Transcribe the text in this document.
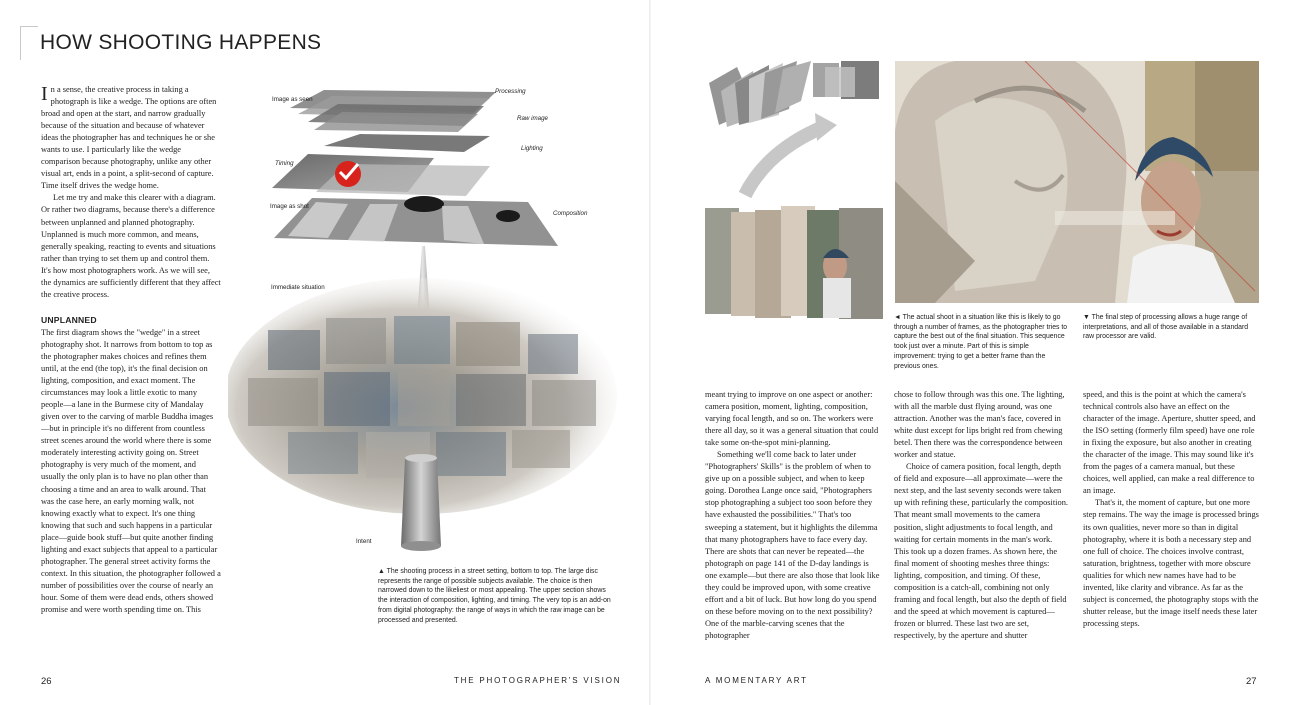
HOW SHOOTING HAPPENS

In a sense, the creative process in taking a photograph is like a wedge. The options are often broad and open at the start, and narrow gradually because of the situation and because of whatever ideas the photographer has and techniques he or she wants to use. I particularly like the wedge comparison because photography, unlike any other visual art, ends in a point, a split-second of capture. Time itself drives the wedge home.

Let me try and make this clearer with a diagram. Or rather two diagrams, because there's a difference between unplanned and planned photography. Unplanned is much more common, and means, generally speaking, reacting to events and situations rather than trying to set them up and control them. It's how most photographers work. As we will see, the dynamics are sufficiently different that they affect the creative process.

UNPLANNED

The first diagram shows the "wedge" in a street photography shot. It narrows from bottom to top as the photographer makes choices and refines them until, at the end (the top), it's the final decision on lighting, composition, and exact moment. The circumstances may look a little exotic to many people—a lane in the Burmese city of Mandalay given over to the carving of marble Buddha images—but in principle it's no different from countless street scenes around the world where there is some moderately interesting activity going on. Street photography is very much of the moment, and usually the only plan is to have no plan other than choosing a time and an area to walk around. That was the case here, an early morning walk, not knowing exactly what to expect. It's one thing knowing that such and such happens in a particular place—guide book stuff—but quite another finding lighting and exact subjects that appeal to a particular photographer. The general street activity forms the context. In this situation, the photographer followed a number of possibilities over the course of nearly an hour. Some of them were dead ends, others showed promise and were worth spending time on. This

Image as seen
Processing
Raw image
Lighting
Timing
Image as shot
Composition
Immediate situation
Intent
▲ The shooting process in a street setting, bottom to top. The large disc represents the range of possible subjects available. The choice is then narrowed down to the likeliest or most appealing. The upper section shows the interaction of composition, lighting, and timing. The very top is an add-on from digital photography: the range of ways in which the raw image can be processed and presented.
26	THE PHOTOGRAPHER'S VISION
◄ The actual shoot in a situation like this is likely to go through a number of frames, as the photographer tries to capture the best out of the final situation. This sequence took just over a minute. Part of this is simple improvement: trying to get a better frame than the previous ones.
▼ The final step of processing allows a huge range of interpretations, and all of those available in a standard raw processor are valid.

meant trying to improve on one aspect or another: camera position, moment, lighting, composition, varying focal length, and so on. The workers were there all day, so it was a general situation that could take some on-the-spot mini-planning.

Something we'll come back to later under "Photographers' Skills" is the problem of when to give up on a possible subject, and when to keep going. Dorothea Lange once said, "Photographers stop photographing a subject too soon before they have exhausted the possibilities." That's too sweeping a statement, but it highlights the dilemma that many photographers have to face every day. There are shots that can never be repeated—the photograph on page 141 of the D-day landings is one example—but there are also those that look like they could be improved upon, with some creative effort and a bit of luck. But how long do you spend on these before moving on to the next possibility? One of the marble-carving scenes that the photographer

chose to follow through was this one. The lighting, with all the marble dust flying around, was one attraction. Another was the man's face, covered in white dust except for lips bright red from chewing betel. Then there was the correspondence between worker and statue.

Choice of camera position, focal length, depth of field and exposure—all approximate—were the next step, and the last seventy seconds were taken up with refining these, particularly the composition. That meant small movements to the camera position, slight adjustments to focal length, and waiting for certain moments in the man's work. This took up a dozen frames. As shown here, the final moment of shooting meshes three things: lighting, composition, and timing. Of these, composition is a catch-all, combining not only framing and focal length, but also the depth of field and the speed at which movement is captured—frozen or blurred. These last two are set, respectively, by the aperture and shutter

speed, and this is the point at which the camera's technical controls also have an effect on the character of the image. Aperture, shutter speed, and the ISO setting (formerly film speed) have one role in fixing the exposure, but also another in creating the character of the image. This may sound like it's from the pages of a camera manual, but these choices, well applied, can make a real difference to an image.

That's it, the moment of capture, but one more step remains. The way the image is processed brings its own qualities, never more so than in digital photography, where it is both a necessary step and one full of choice. The choices involve contrast, saturation, brightness, together with more obscure qualities for which new names have had to be invented, like clarity and vibrance. As far as the subject is concerned, the photography stops with the shutter release, but the image itself needs these later processing steps.

A MOMENTARY ART	27
